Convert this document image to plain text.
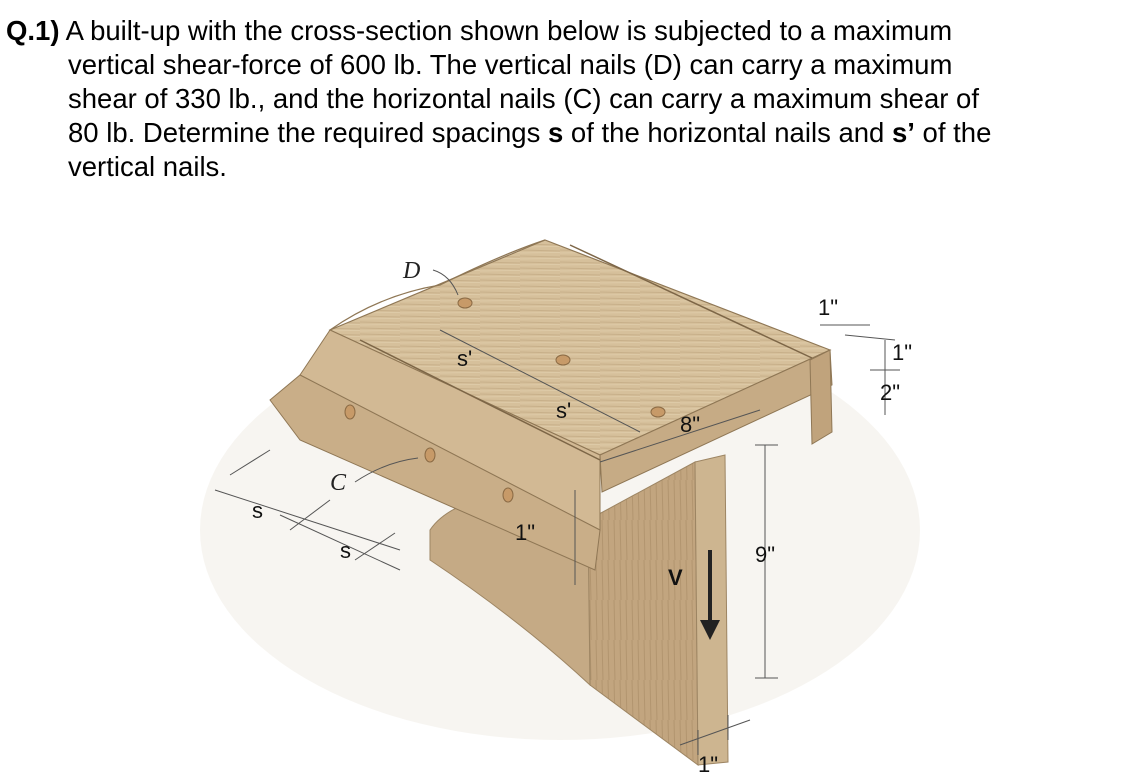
Q.1) A built-up with the cross-section shown below is subjected to a maximum
vertical shear-force of 600 lb. The vertical nails (D) can carry a maximum
shear of 330 lb., and the horizontal nails (C) can carry a maximum shear of
80 lb. Determine the required spacings s of the horizontal nails and s’ of the
vertical nails.
D
C
s'
s'
s
s
8"
1"
1"
1"
2"
9"
1"
V
